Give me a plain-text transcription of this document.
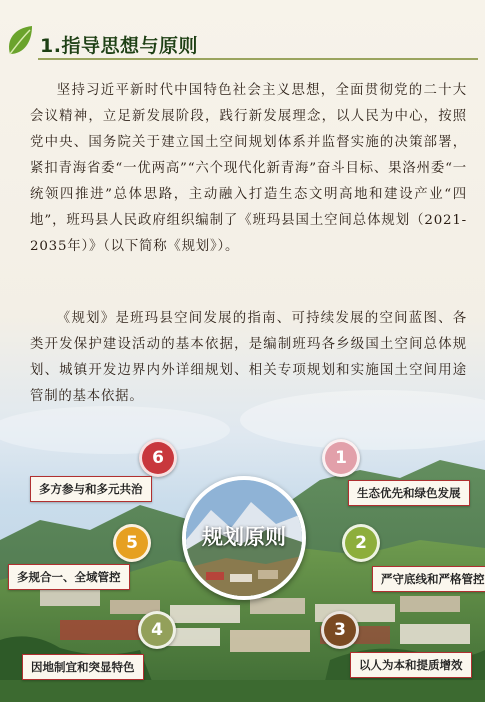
1.指导思想与原则

坚持习近平新时代中国特色社会主义思想，全面贯彻党的二十大会议精神，立足新发展阶段，践行新发展理念，以人民为中心，按照党中央、国务院关于建立国土空间规划体系并监督实施的决策部署，紧扣青海省委“一优两高”“六个现代化新青海”奋斗目标、果洛州委“一统领四推进”总体思路，主动融入打造生态文明高地和建设产业“四地”，班玛县人民政府组织编制了《班玛县国土空间总体规划（2021-2035年）》（以下简称《规划》）。

《规划》是班玛县空间发展的指南、可持续发展的空间蓝图、各类开发保护建设活动的基本依据，是编制班玛各乡级国土空间总体规划、城镇开发边界内外详细规划、相关专项规划和实施国土空间用途管制的基本依据。

规划原则
1
生态优先和绿色发展
2
严守底线和严格管控
3
以人为本和提质增效
4
因地制宜和突显特色
5
多规合一、全域管控
6
多方参与和多元共治
